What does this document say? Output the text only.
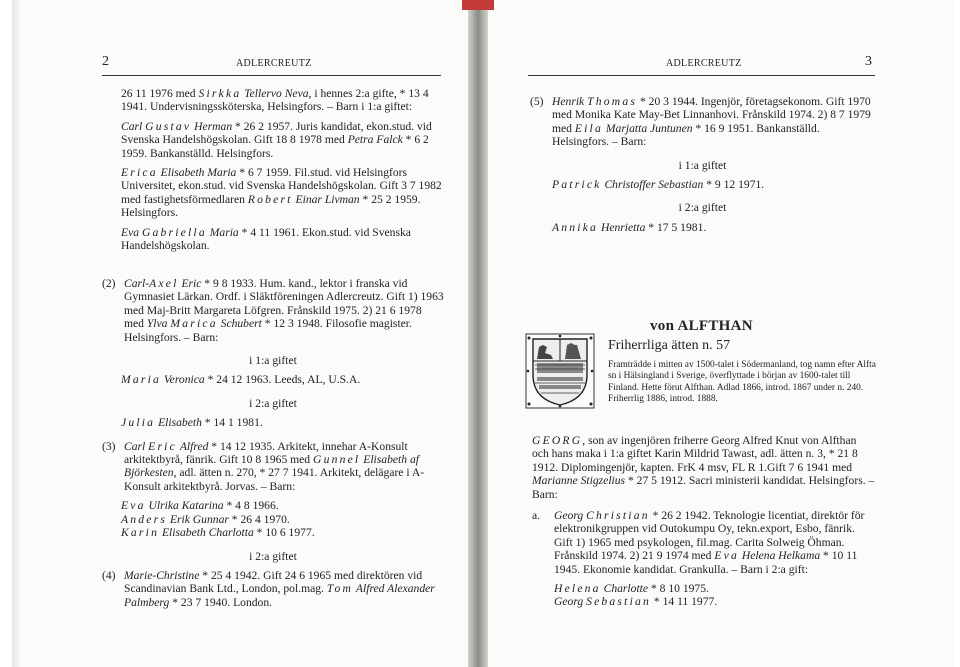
2	ADLERCREUTZ

26 11 1976 med Sirkka Tellervo Neva, i hennes 2:a gifte, * 13 4 1941. Undervisningssköterska, Helsingfors. – Barn i 1:a giftet:

Carl Gustav Herman * 26 2 1957. Juris kandidat, ekon.stud. vid Svenska Handelshögskolan. Gift 18 8 1978 med Petra Falck * 6 2 1959. Bankanställd. Helsingfors.

Erica Elisabeth Maria * 6 7 1959. Fil.stud. vid Helsingfors Universitet, ekon.stud. vid Svenska Handelshögskolan. Gift 3 7 1982 med fastighetsförmedlaren Robert Einar Livman * 25 2 1959. Helsingfors.

Eva Gabriella Maria * 4 11 1961. Ekon.stud. vid Svenska Handelshögskolan.

(2) Carl-Axel Eric * 9 8 1933. Hum. kand., lektor i franska vid Gymnasiet Lärkan. Ordf. i Släktföreningen Adlercreutz. Gift 1) 1963 med Maj-Britt Margareta Löfgren. Frånskild 1975. 2) 21 6 1978 med Ylva Marica Schubert * 12 3 1948. Filosofie magister. Helsingfors. – Barn:

i 1:a giftet

Maria Veronica * 24 12 1963. Leeds, AL, U.S.A.

i 2:a giftet

Julia Elisabeth * 14 1 1981.

(3) Carl Eric Alfred * 14 12 1935. Arkitekt, innehar A-Konsult arkitektbyrå, fänrik. Gift 10 8 1965 med Gunnel Elisabeth af Björkesten, adl. ätten n. 270, * 27 7 1941. Arkitekt, delägare i A-Konsult arkitektbyrå. Jorvas. – Barn:

Eva Ulrika Katarina * 4 8 1966.

Anders Erik Gunnar * 26 4 1970.

Karin Elisabeth Charlotta * 10 6 1977.

i 2:a giftet

(4) Marie-Christine * 25 4 1942. Gift 24 6 1965 med direktören vid Scandinavian Bank Ltd., London, pol.mag. Tom Alfred Alexander Palmberg * 23 7 1940. London.

ADLERCREUTZ	3

(5) Henrik Thomas * 20 3 1944. Ingenjör, företagsekonom. Gift 1970 med Monika Kate May-Bet Linnanhovi. Frånskild 1974. 2) 8 7 1979 med Eila Marjatta Juntunen * 16 9 1951. Bankanställd. Helsingfors. – Barn:

i 1:a giftet

Patrick Christoffer Sebastian * 9 12 1971.

i 2:a giftet

Annika Henrietta * 17 5 1981.

von ALFTHAN
Friherrliga ätten n. 57
Framträdde i mitten av 1500-talet i Södermanland, tog namn efter Alfta sn i Hälsingland i Sverige, överflyttade i början av 1600-talet till Finland. Hette förut Alfthan. Adlad 1866, introd. 1867 under n. 240. Friherrlig 1886, introd. 1888.

GEORG, son av ingenjören friherre Georg Alfred Knut von Alfthan och hans maka i 1:a giftet Karin Mildrid Tawast, adl. ätten n. 3, * 21 8 1912. Diplomingenjör, kapten. FrK 4 msv, FL R 1.Gift 7 6 1941 med Marianne Stigzelius * 27 5 1912. Sacri ministerii kandidat. Helsingfors. – Barn:

a. Georg Christian * 26 2 1942. Teknologie licentiat, direktör för elektronikgruppen vid Outokumpu Oy, tekn.export, Esbo, fänrik. Gift 1) 1965 med psykologen, fil.mag. Carita Solweig Öhman. Frånskild 1974. 2) 21 9 1974 med Eva Helena Helkama * 10 11 1945. Ekonomie kandidat. Grankulla. – Barn i 2:a gift:

Helena Charlotte * 8 10 1975.

Georg Sebastian * 14 11 1977.
